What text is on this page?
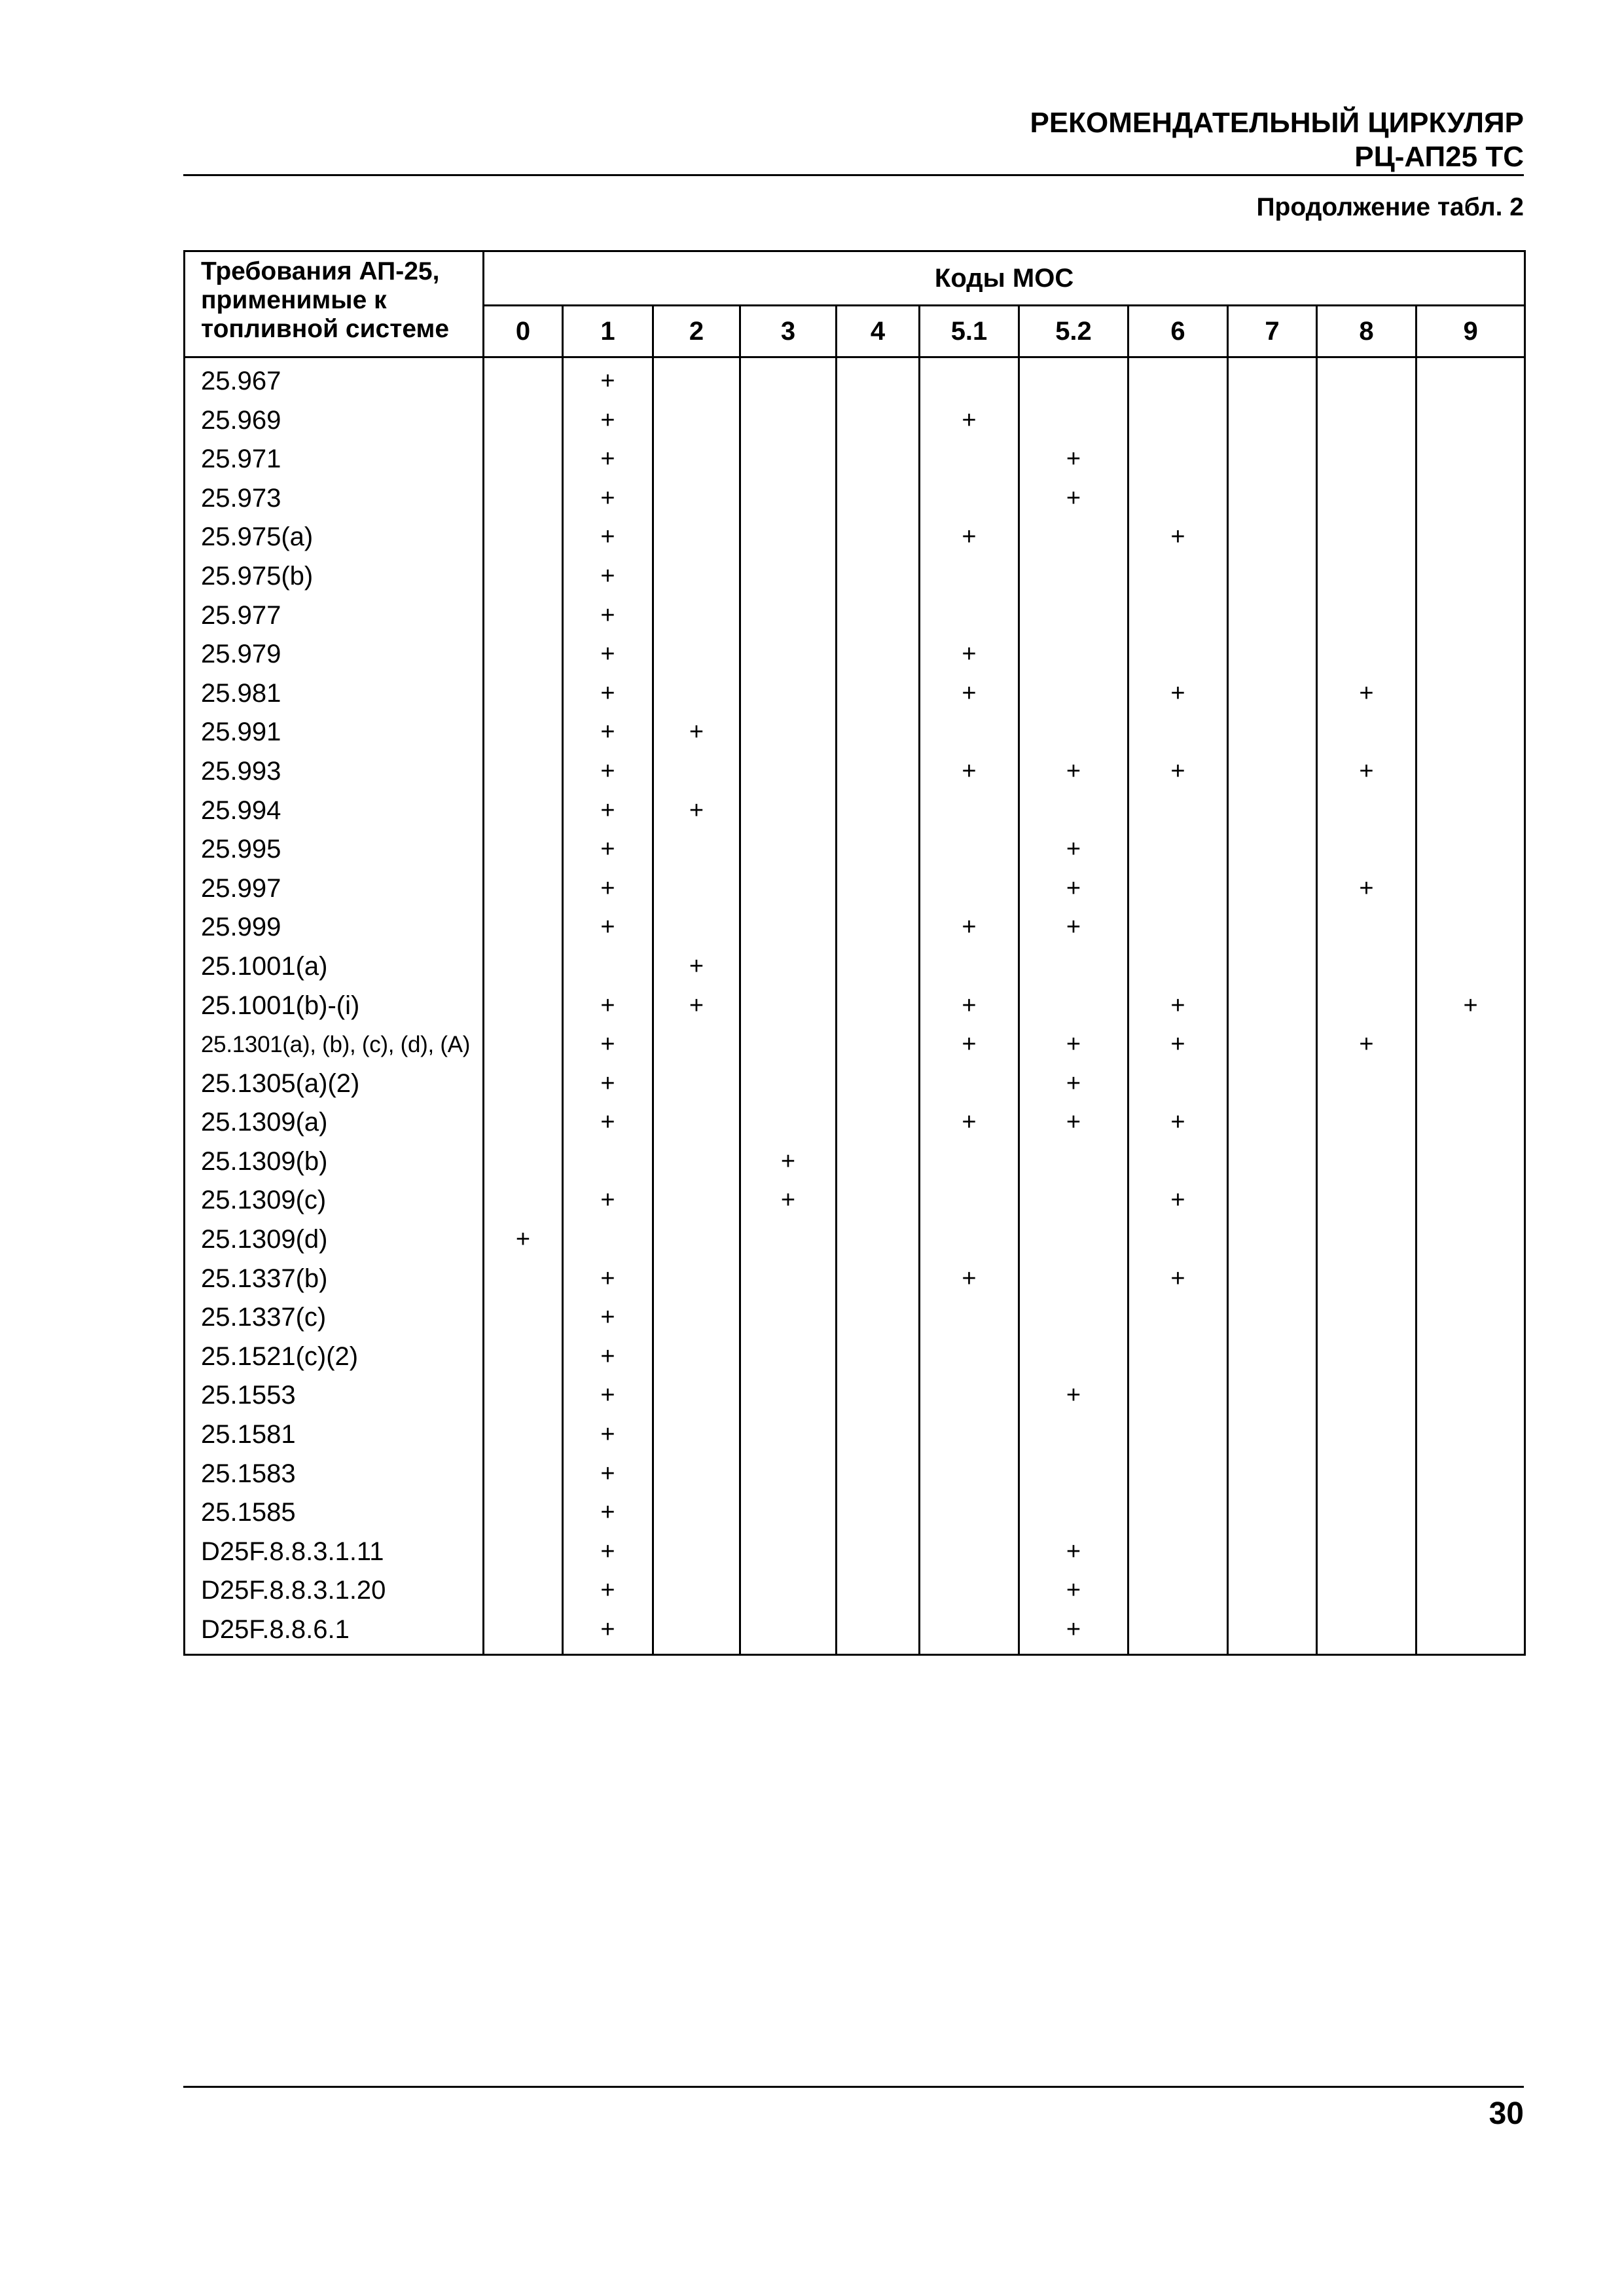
РЕКОМЕНДАТЕЛЬНЫЙ ЦИРКУЛЯР
РЦ-АП25 ТС
Продолжение табл. 2
Требования АП-25,
применимые к
топливной системе	Коды МОС										
	0	1	2	3	4	5.1	5.2	6	7	8	9
25.967		+									
25.969		+				+					
25.971		+					+				
25.973		+					+				
25.975(a)		+				+		+			
25.975(b)		+									
25.977		+									
25.979		+				+					
25.981		+				+		+		+	
25.991		+	+								
25.993		+				+	+	+		+	
25.994		+	+								
25.995		+					+				
25.997		+					+			+	
25.999		+				+	+				
25.1001(a)			+								
25.1001(b)-(i)		+	+			+		+			+
25.1301(a), (b), (c), (d), (A)		+				+	+	+		+	
25.1305(a)(2)		+					+				
25.1309(a)		+				+	+	+			
25.1309(b)				+							
25.1309(c)		+		+				+			
25.1309(d)	+										
25.1337(b)		+				+		+			
25.1337(c)		+									
25.1521(c)(2)		+									
25.1553		+					+				
25.1581		+									
25.1583		+									
25.1585		+									
D25F.8.8.3.1.11		+					+				
D25F.8.8.3.1.20		+					+				
D25F.8.8.6.1		+					+				
30
